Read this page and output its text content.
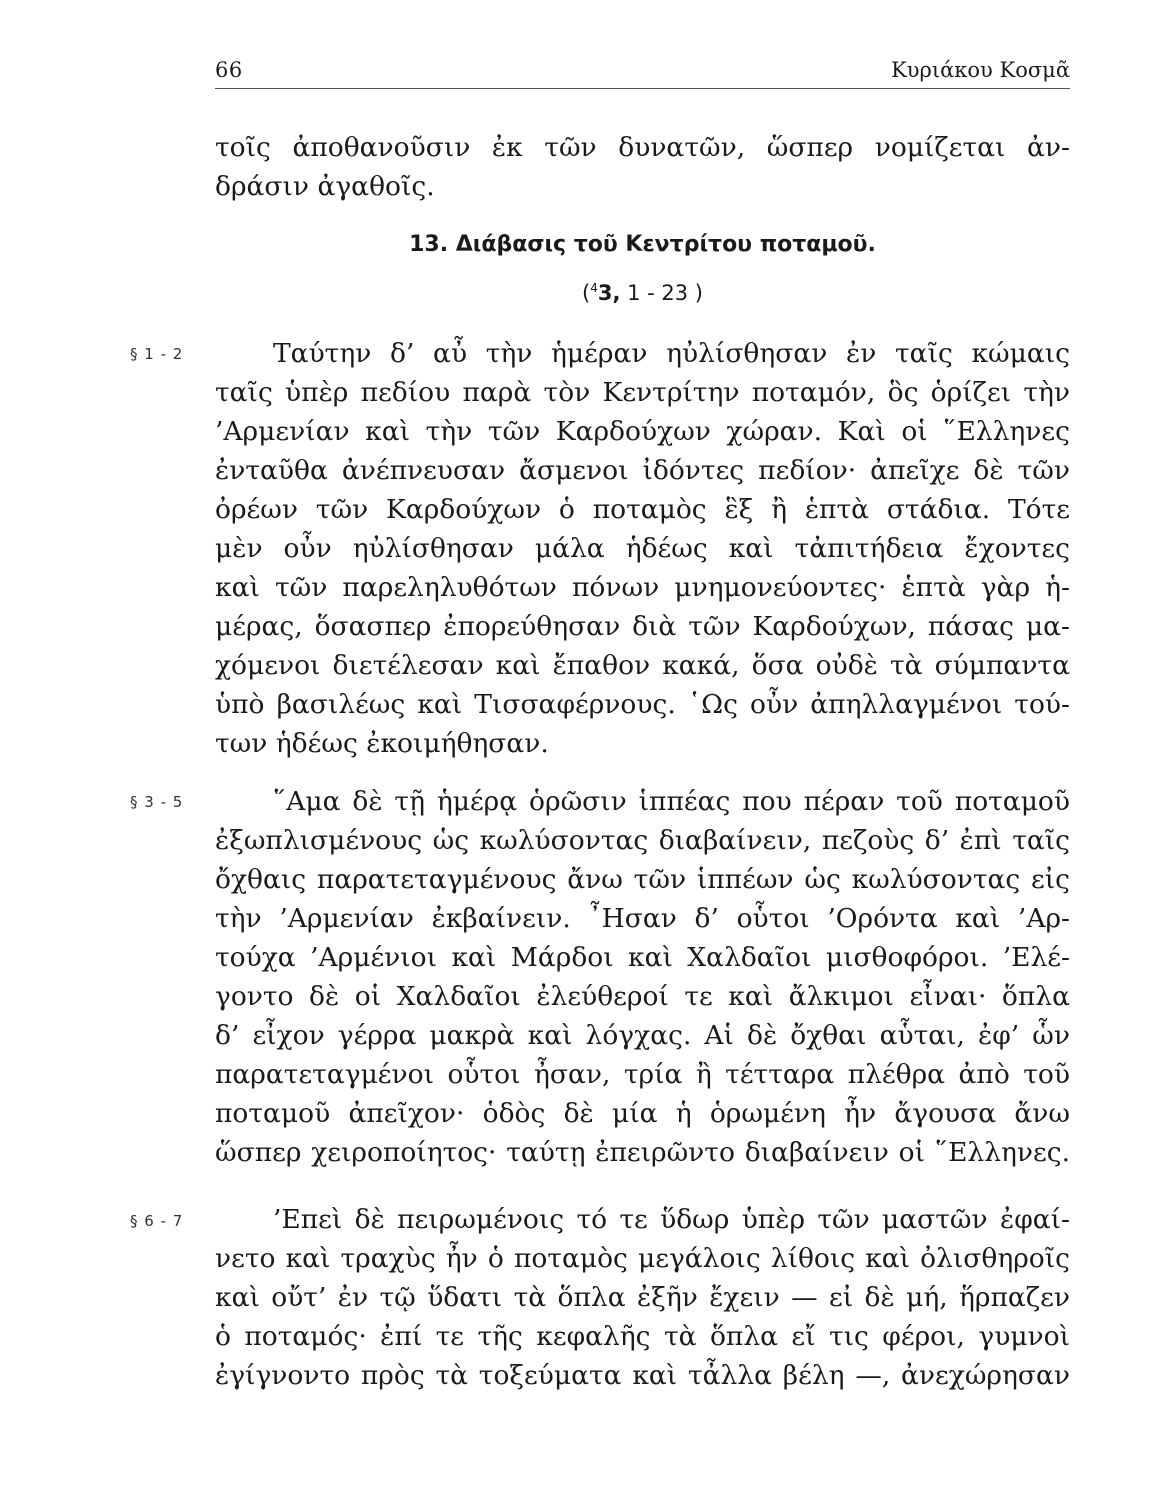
66	Κυριάκου Κοσμᾶ
τοῖς ἀποθανοῦσιν ἐκ τῶν δυνατῶν, ὥσπερ νομίζεται ἀν-
δράσιν ἀγαθοῖς.
13. Διάβασις τοῦ Κεντρίτου ποταμοῦ.
($^4$3, 1 - 23 )
§ 1 - 2	Ταύτην δ’ αὖ τὴν ἡμέραν ηὐλίσθησαν ἐν ταῖς κώμαις
ταῖς ὑπὲρ πεδίου παρὰ τὸν Κεντρίτην ποταμόν, ὃς ὁρίζει τὴν
’Αρμενίαν καὶ τὴν τῶν Καρδούχων χώραν. Καὶ οἱ ῞Ελληνες
ἐνταῦθα ἀνέπνευσαν ἄσμενοι ἰδόντες πεδίον· ἀπεῖχε δὲ τῶν
ὀρέων τῶν Καρδούχων ὁ ποταμὸς ἓξ ἢ ἑπτὰ στάδια. Τότε
μὲν οὖν ηὐλίσθησαν μάλα ἡδέως καὶ τἀπιτήδεια ἔχοντες
καὶ τῶν παρεληλυθότων πόνων μνημονεύοντες· ἑπτὰ γὰρ ἡ-
μέρας, ὅσασπερ ἐπορεύθησαν διὰ τῶν Καρδούχων, πάσας μα-
χόμενοι διετέλεσαν καὶ ἔπαθον κακά, ὅσα οὐδὲ τὰ σύμπαντα
ὑπὸ βασιλέως καὶ Τισσαφέρνους. ῾Ως οὖν ἀπηλλαγμένοι τού-
των ἡδέως ἐκοιμήθησαν.
§ 3 - 5	῞Αμα δὲ τῇ ἡμέρᾳ ὁρῶσιν ἱππέας που πέραν τοῦ ποταμοῦ
ἐξωπλισμένους ὡς κωλύσοντας διαβαίνειν, πεζοὺς δ’ ἐπὶ ταῖς
ὄχθαις παρατεταγμένους ἄνω τῶν ἱππέων ὡς κωλύσοντας εἰς
τὴν ’Αρμενίαν ἐκβαίνειν. ῏Ησαν δ’ οὗτοι ’Ορόντα καὶ ’Αρ-
τούχα ’Αρμένιοι καὶ Μάρδοι καὶ Χαλδαῖοι μισθοφόροι. ’Ελέ-
γοντο δὲ οἱ Χαλδαῖοι ἐλεύθεροί τε καὶ ἄλκιμοι εἶναι· ὅπλα
δ’ εἶχον γέρρα μακρὰ καὶ λόγχας. Αἱ δὲ ὄχθαι αὗται, ἐφ’ ὧν
παρατεταγμένοι οὗτοι ἦσαν, τρία ἢ τέτταρα πλέθρα ἀπὸ τοῦ
ποταμοῦ ἀπεῖχον· ὁδὸς δὲ μία ἡ ὁρωμένη ἦν ἄγουσα ἄνω
ὥσπερ χειροποίητος· ταύτῃ ἐπειρῶντο διαβαίνειν οἱ ῞Ελληνες.
§ 6 - 7	’Επεὶ δὲ πειρωμένοις τό τε ὕδωρ ὑπὲρ τῶν μαστῶν ἐφαί-
νετο καὶ τραχὺς ἦν ὁ ποταμὸς μεγάλοις λίθοις καὶ ὀλισθηροῖς
καὶ οὔτ’ ἐν τῷ ὕδατι τὰ ὅπλα ἐξῆν ἔχειν — εἰ δὲ μή, ἥρπαζεν
ὁ ποταμός· ἐπί τε τῆς κεφαλῆς τὰ ὅπλα εἴ τις φέροι, γυμνοὶ
ἐγίγνοντο πρὸς τὰ τοξεύματα καὶ τἆλλα βέλη —, ἀνεχώρησαν
